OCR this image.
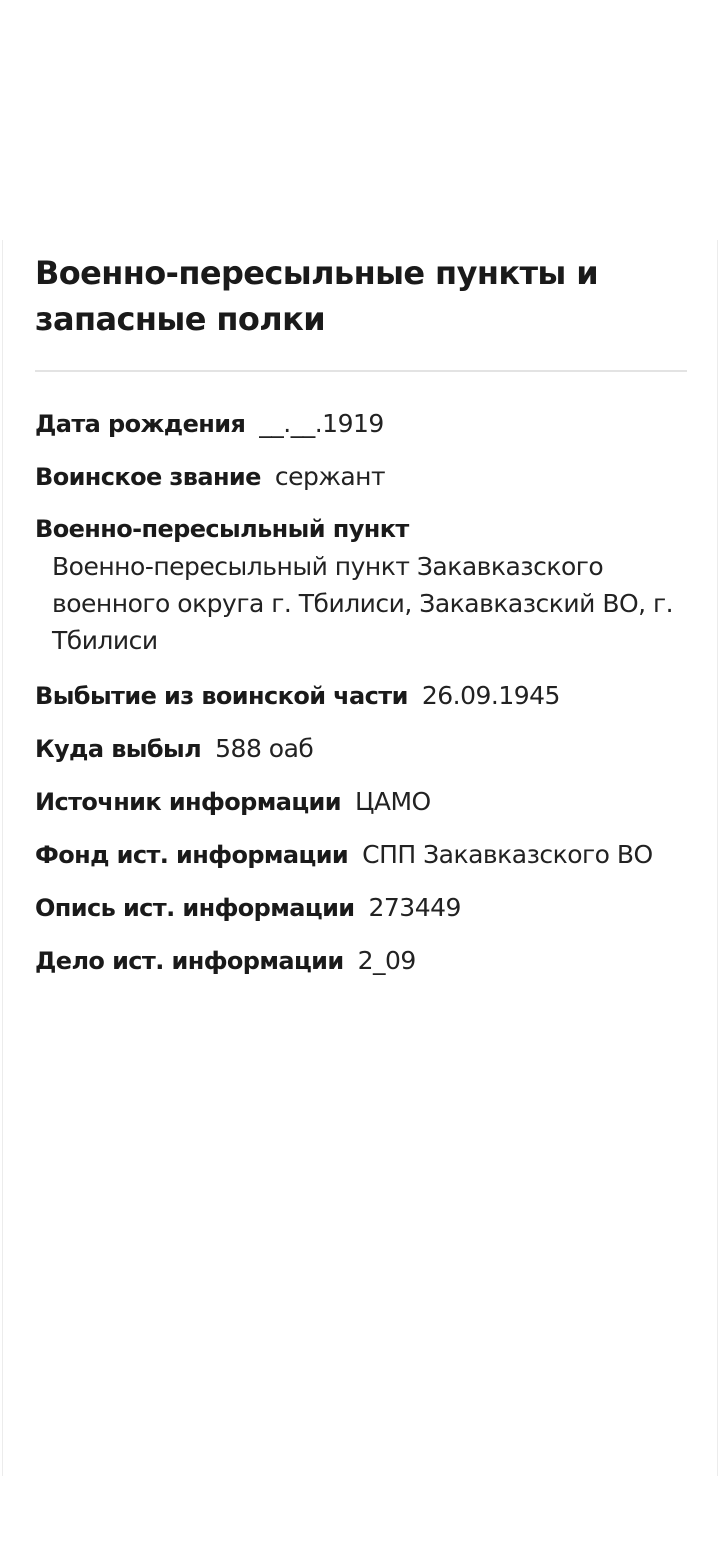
Военно-пересыльные пункты и запасные полки
Дата рождения __.__.1919
Воинское звание сержант
Военно-пересыльный пункт
Военно-пересыльный пункт Закавказского военного округа г. Тбилиси, Закавказский ВО, г. Тбилиси
Выбытие из воинской части 26.09.1945
Куда выбыл 588 оаб
Источник информации ЦАМО
Фонд ист. информации СПП Закавказского ВО
Опись ист. информации 273449
Дело ист. информации 2_09
